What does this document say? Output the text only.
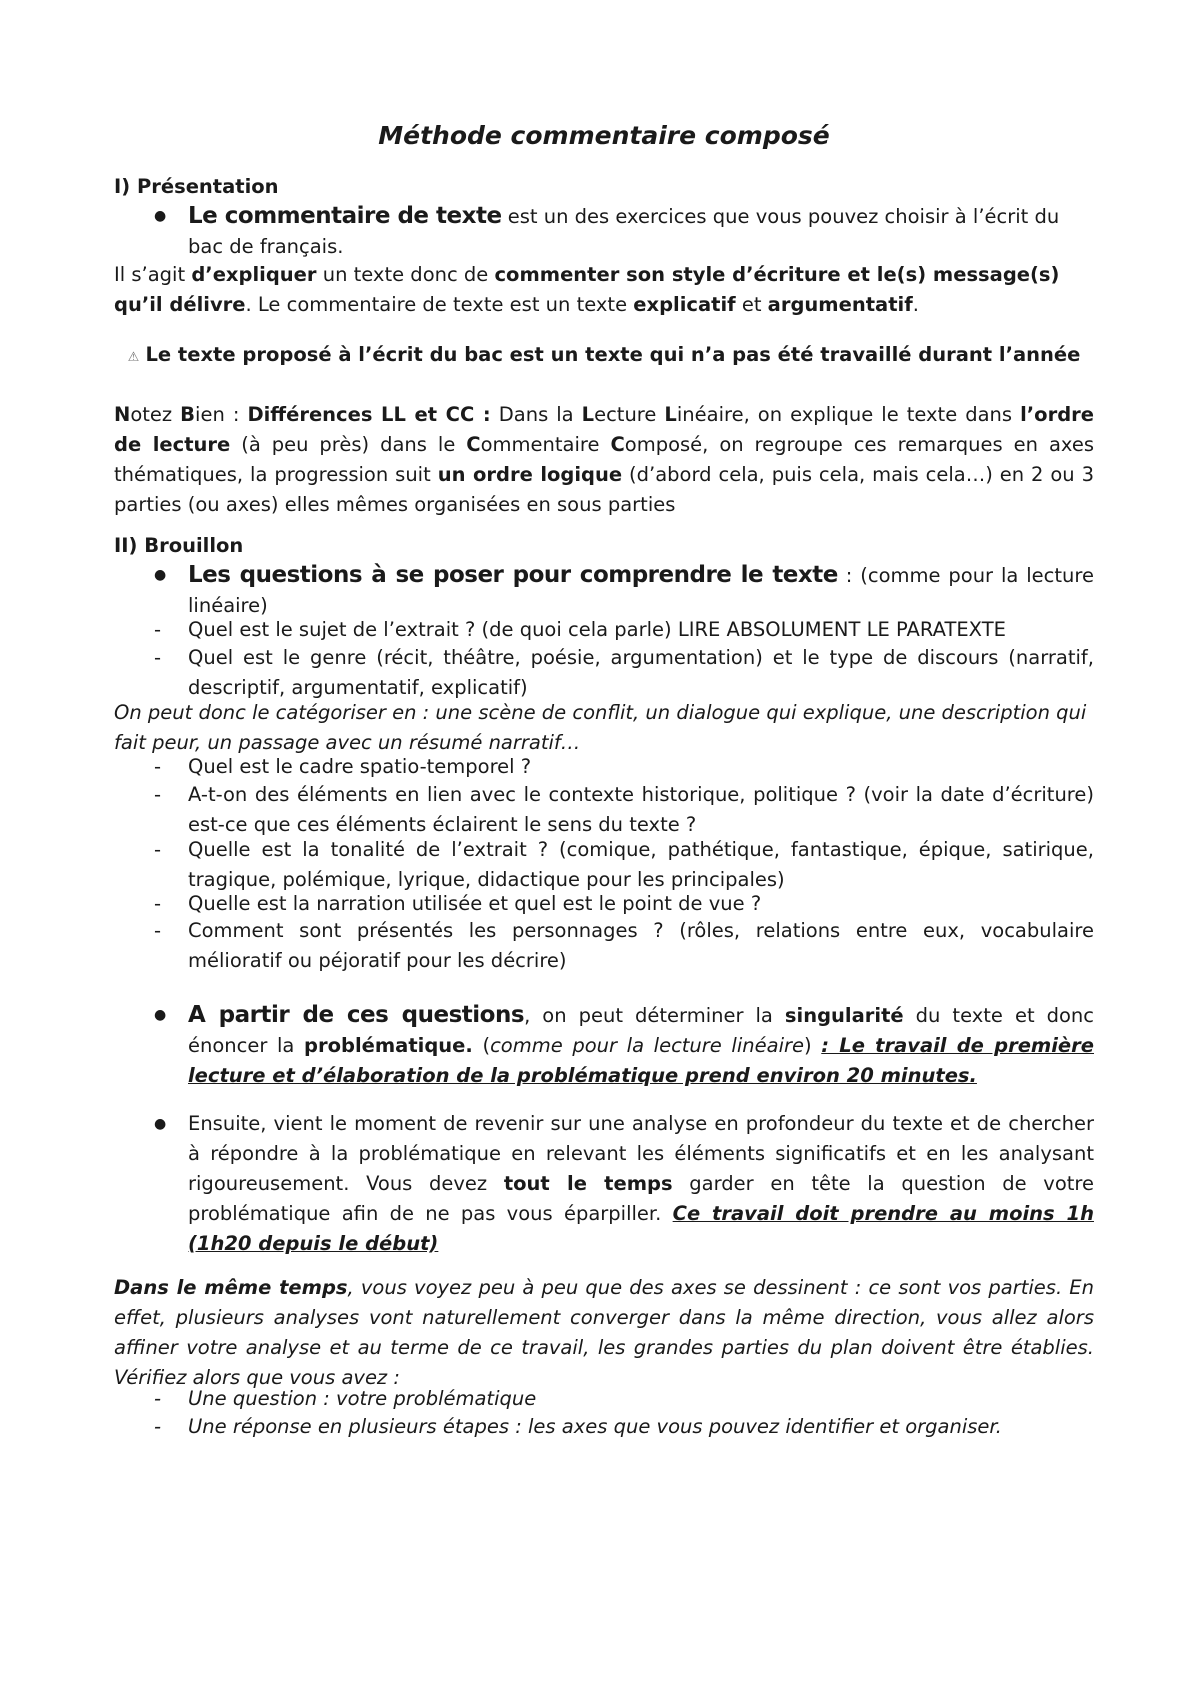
Méthode commentaire composé
I) Présentation
● Le commentaire de texte est un des exercices que vous pouvez choisir à l’écrit du bac de français.
Il s’agit d’expliquer un texte donc de commenter son style d’écriture et le(s) message(s) qu’il délivre. Le commentaire de texte est un texte explicatif et argumentatif.
⚠ Le texte proposé à l’écrit du bac est un texte qui n’a pas été travaillé durant l’année
Notez Bien : Différences LL et CC : Dans la Lecture Linéaire, on explique le texte dans l’ordre de lecture (à peu près) dans le Commentaire Composé, on regroupe ces remarques en axes thématiques, la progression suit un ordre logique (d’abord cela, puis cela, mais cela…) en 2 ou 3 parties (ou axes) elles mêmes organisées en sous parties
II) Brouillon
● Les questions à se poser pour comprendre le texte : (comme pour la lecture linéaire)
- Quel est le sujet de l’extrait ? (de quoi cela parle) LIRE ABSOLUMENT LE PARATEXTE
- Quel est le genre (récit, théâtre, poésie, argumentation) et le type de discours (narratif, descriptif, argumentatif, explicatif)
On peut donc le catégoriser en : une scène de conflit, un dialogue qui explique, une description qui fait peur, un passage avec un résumé narratif…
- Quel est le cadre spatio-temporel ?
- A-t-on des éléments en lien avec le contexte historique, politique ? (voir la date d’écriture) est-ce que ces éléments éclairent le sens du texte ?
- Quelle est la tonalité de l’extrait ? (comique, pathétique, fantastique, épique, satirique, tragique, polémique, lyrique, didactique pour les principales)
- Quelle est la narration utilisée et quel est le point de vue ?
- Comment sont présentés les personnages ? (rôles, relations entre eux, vocabulaire mélioratif ou péjoratif pour les décrire)
● A partir de ces questions, on peut déterminer la singularité du texte et donc énoncer la problématique. (comme pour la lecture linéaire) : Le travail de première lecture et d’élaboration de la problématique prend environ 20 minutes.
● Ensuite, vient le moment de revenir sur une analyse en profondeur du texte et de chercher à répondre à la problématique en relevant les éléments significatifs et en les analysant rigoureusement. Vous devez tout le temps garder en tête la question de votre problématique afin de ne pas vous éparpiller. Ce travail doit prendre au moins 1h (1h20 depuis le début)
Dans le même temps, vous voyez peu à peu que des axes se dessinent : ce sont vos parties. En effet, plusieurs analyses vont naturellement converger dans la même direction, vous allez alors affiner votre analyse et au terme de ce travail, les grandes parties du plan doivent être établies. Vérifiez alors que vous avez :
- Une question : votre problématique
- Une réponse en plusieurs étapes : les axes que vous pouvez identifier et organiser.
